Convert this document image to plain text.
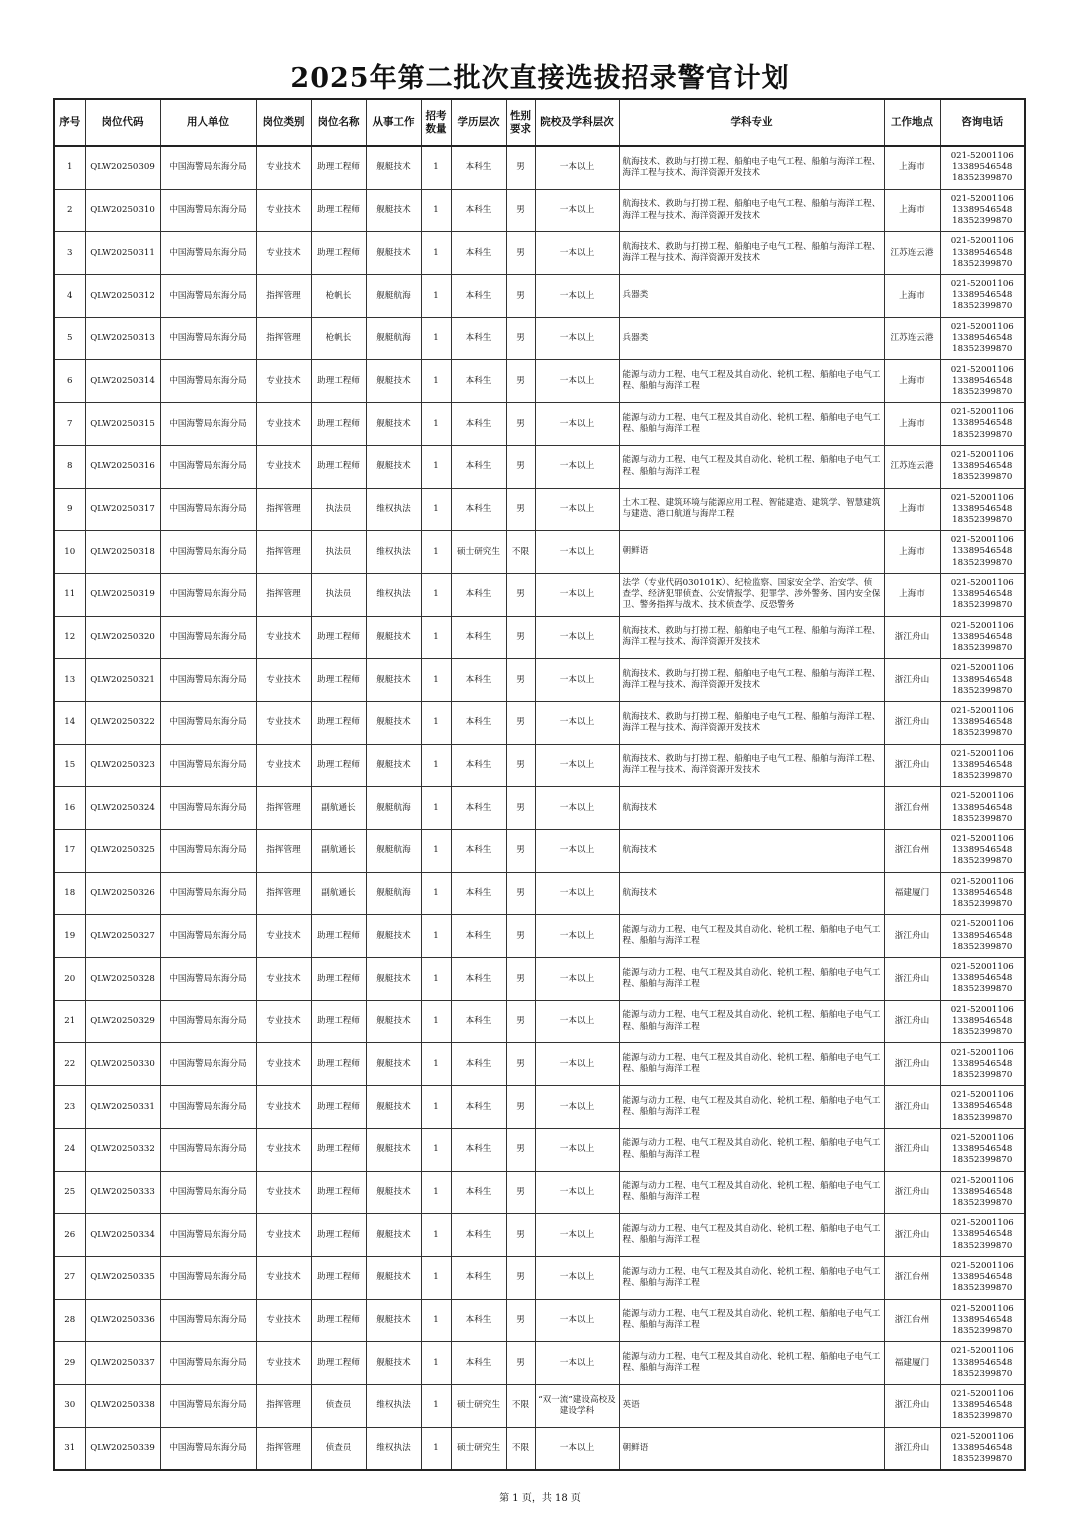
2025年第二批次直接选拔招录警官计划
序号	岗位代码	用人单位	岗位类别	岗位名称	从事工作	招考数量	学历层次	性别要求	院校及学科层次	学科专业	工作地点	咨询电话
1	QLW20250309	中国海警局东海分局	专业技术	助理工程师	舰艇技术	1	本科生	男	一本以上	航海技术、救助与打捞工程、船舶电子电气工程、船舶与海洋工程、海洋工程与技术、海洋资源开发技术	上海市	021-52001106
13389546548
18352399870

2	QLW20250310	中国海警局东海分局	专业技术	助理工程师	舰艇技术	1	本科生	男	一本以上	航海技术、救助与打捞工程、船舶电子电气工程、船舶与海洋工程、海洋工程与技术、海洋资源开发技术	上海市	021-52001106
13389546548
18352399870

3	QLW20250311	中国海警局东海分局	专业技术	助理工程师	舰艇技术	1	本科生	男	一本以上	航海技术、救助与打捞工程、船舶电子电气工程、船舶与海洋工程、海洋工程与技术、海洋资源开发技术	江苏连云港	021-52001106
13389546548
18352399870

4	QLW20250312	中国海警局东海分局	指挥管理	枪帆长	舰艇航海	1	本科生	男	一本以上	兵器类	上海市	021-52001106
13389546548
18352399870

5	QLW20250313	中国海警局东海分局	指挥管理	枪帆长	舰艇航海	1	本科生	男	一本以上	兵器类	江苏连云港	021-52001106
13389546548
18352399870

6	QLW20250314	中国海警局东海分局	专业技术	助理工程师	舰艇技术	1	本科生	男	一本以上	能源与动力工程、电气工程及其自动化、轮机工程、船舶电子电气工程、船舶与海洋工程	上海市	021-52001106
13389546548
18352399870

7	QLW20250315	中国海警局东海分局	专业技术	助理工程师	舰艇技术	1	本科生	男	一本以上	能源与动力工程、电气工程及其自动化、轮机工程、船舶电子电气工程、船舶与海洋工程	上海市	021-52001106
13389546548
18352399870

8	QLW20250316	中国海警局东海分局	专业技术	助理工程师	舰艇技术	1	本科生	男	一本以上	能源与动力工程、电气工程及其自动化、轮机工程、船舶电子电气工程、船舶与海洋工程	江苏连云港	021-52001106
13389546548
18352399870

9	QLW20250317	中国海警局东海分局	指挥管理	执法员	维权执法	1	本科生	男	一本以上	土木工程、建筑环境与能源应用工程、智能建造、建筑学、智慧建筑与建造、港口航道与海岸工程	上海市	021-52001106
13389546548
18352399870

10	QLW20250318	中国海警局东海分局	指挥管理	执法员	维权执法	1	硕士研究生	不限	一本以上	朝鲜语	上海市	021-52001106
13389546548
18352399870

11	QLW20250319	中国海警局东海分局	指挥管理	执法员	维权执法	1	本科生	男	一本以上	法学（专业代码030101K）、纪检监察、国家安全学、治安学、侦查学、经济犯罪侦查、公安情报学、犯罪学、涉外警务、国内安全保卫、警务指挥与战术、技术侦查学、反恐警务	上海市	021-52001106
13389546548
18352399870

12	QLW20250320	中国海警局东海分局	专业技术	助理工程师	舰艇技术	1	本科生	男	一本以上	航海技术、救助与打捞工程、船舶电子电气工程、船舶与海洋工程、海洋工程与技术、海洋资源开发技术	浙江舟山	021-52001106
13389546548
18352399870

13	QLW20250321	中国海警局东海分局	专业技术	助理工程师	舰艇技术	1	本科生	男	一本以上	航海技术、救助与打捞工程、船舶电子电气工程、船舶与海洋工程、海洋工程与技术、海洋资源开发技术	浙江舟山	021-52001106
13389546548
18352399870

14	QLW20250322	中国海警局东海分局	专业技术	助理工程师	舰艇技术	1	本科生	男	一本以上	航海技术、救助与打捞工程、船舶电子电气工程、船舶与海洋工程、海洋工程与技术、海洋资源开发技术	浙江舟山	021-52001106
13389546548
18352399870

15	QLW20250323	中国海警局东海分局	专业技术	助理工程师	舰艇技术	1	本科生	男	一本以上	航海技术、救助与打捞工程、船舶电子电气工程、船舶与海洋工程、海洋工程与技术、海洋资源开发技术	浙江舟山	021-52001106
13389546548
18352399870

16	QLW20250324	中国海警局东海分局	指挥管理	副航通长	舰艇航海	1	本科生	男	一本以上	航海技术	浙江台州	021-52001106
13389546548
18352399870

17	QLW20250325	中国海警局东海分局	指挥管理	副航通长	舰艇航海	1	本科生	男	一本以上	航海技术	浙江台州	021-52001106
13389546548
18352399870

18	QLW20250326	中国海警局东海分局	指挥管理	副航通长	舰艇航海	1	本科生	男	一本以上	航海技术	福建厦门	021-52001106
13389546548
18352399870

19	QLW20250327	中国海警局东海分局	专业技术	助理工程师	舰艇技术	1	本科生	男	一本以上	能源与动力工程、电气工程及其自动化、轮机工程、船舶电子电气工程、船舶与海洋工程	浙江舟山	021-52001106
13389546548
18352399870

20	QLW20250328	中国海警局东海分局	专业技术	助理工程师	舰艇技术	1	本科生	男	一本以上	能源与动力工程、电气工程及其自动化、轮机工程、船舶电子电气工程、船舶与海洋工程	浙江舟山	021-52001106
13389546548
18352399870

21	QLW20250329	中国海警局东海分局	专业技术	助理工程师	舰艇技术	1	本科生	男	一本以上	能源与动力工程、电气工程及其自动化、轮机工程、船舶电子电气工程、船舶与海洋工程	浙江舟山	021-52001106
13389546548
18352399870

22	QLW20250330	中国海警局东海分局	专业技术	助理工程师	舰艇技术	1	本科生	男	一本以上	能源与动力工程、电气工程及其自动化、轮机工程、船舶电子电气工程、船舶与海洋工程	浙江舟山	021-52001106
13389546548
18352399870

23	QLW20250331	中国海警局东海分局	专业技术	助理工程师	舰艇技术	1	本科生	男	一本以上	能源与动力工程、电气工程及其自动化、轮机工程、船舶电子电气工程、船舶与海洋工程	浙江舟山	021-52001106
13389546548
18352399870

24	QLW20250332	中国海警局东海分局	专业技术	助理工程师	舰艇技术	1	本科生	男	一本以上	能源与动力工程、电气工程及其自动化、轮机工程、船舶电子电气工程、船舶与海洋工程	浙江舟山	021-52001106
13389546548
18352399870

25	QLW20250333	中国海警局东海分局	专业技术	助理工程师	舰艇技术	1	本科生	男	一本以上	能源与动力工程、电气工程及其自动化、轮机工程、船舶电子电气工程、船舶与海洋工程	浙江舟山	021-52001106
13389546548
18352399870

26	QLW20250334	中国海警局东海分局	专业技术	助理工程师	舰艇技术	1	本科生	男	一本以上	能源与动力工程、电气工程及其自动化、轮机工程、船舶电子电气工程、船舶与海洋工程	浙江舟山	021-52001106
13389546548
18352399870

27	QLW20250335	中国海警局东海分局	专业技术	助理工程师	舰艇技术	1	本科生	男	一本以上	能源与动力工程、电气工程及其自动化、轮机工程、船舶电子电气工程、船舶与海洋工程	浙江台州	021-52001106
13389546548
18352399870

28	QLW20250336	中国海警局东海分局	专业技术	助理工程师	舰艇技术	1	本科生	男	一本以上	能源与动力工程、电气工程及其自动化、轮机工程、船舶电子电气工程、船舶与海洋工程	浙江台州	021-52001106
13389546548
18352399870

29	QLW20250337	中国海警局东海分局	专业技术	助理工程师	舰艇技术	1	本科生	男	一本以上	能源与动力工程、电气工程及其自动化、轮机工程、船舶电子电气工程、船舶与海洋工程	福建厦门	021-52001106
13389546548
18352399870

30	QLW20250338	中国海警局东海分局	指挥管理	侦查员	维权执法	1	硕士研究生	不限	“双一流”建设高校及建设学科	英语	浙江舟山	021-52001106
13389546548
18352399870

31	QLW20250339	中国海警局东海分局	指挥管理	侦查员	维权执法	1	硕士研究生	不限	一本以上	朝鲜语	浙江舟山	021-52001106
13389546548
18352399870
第 1 页，共 18 页
